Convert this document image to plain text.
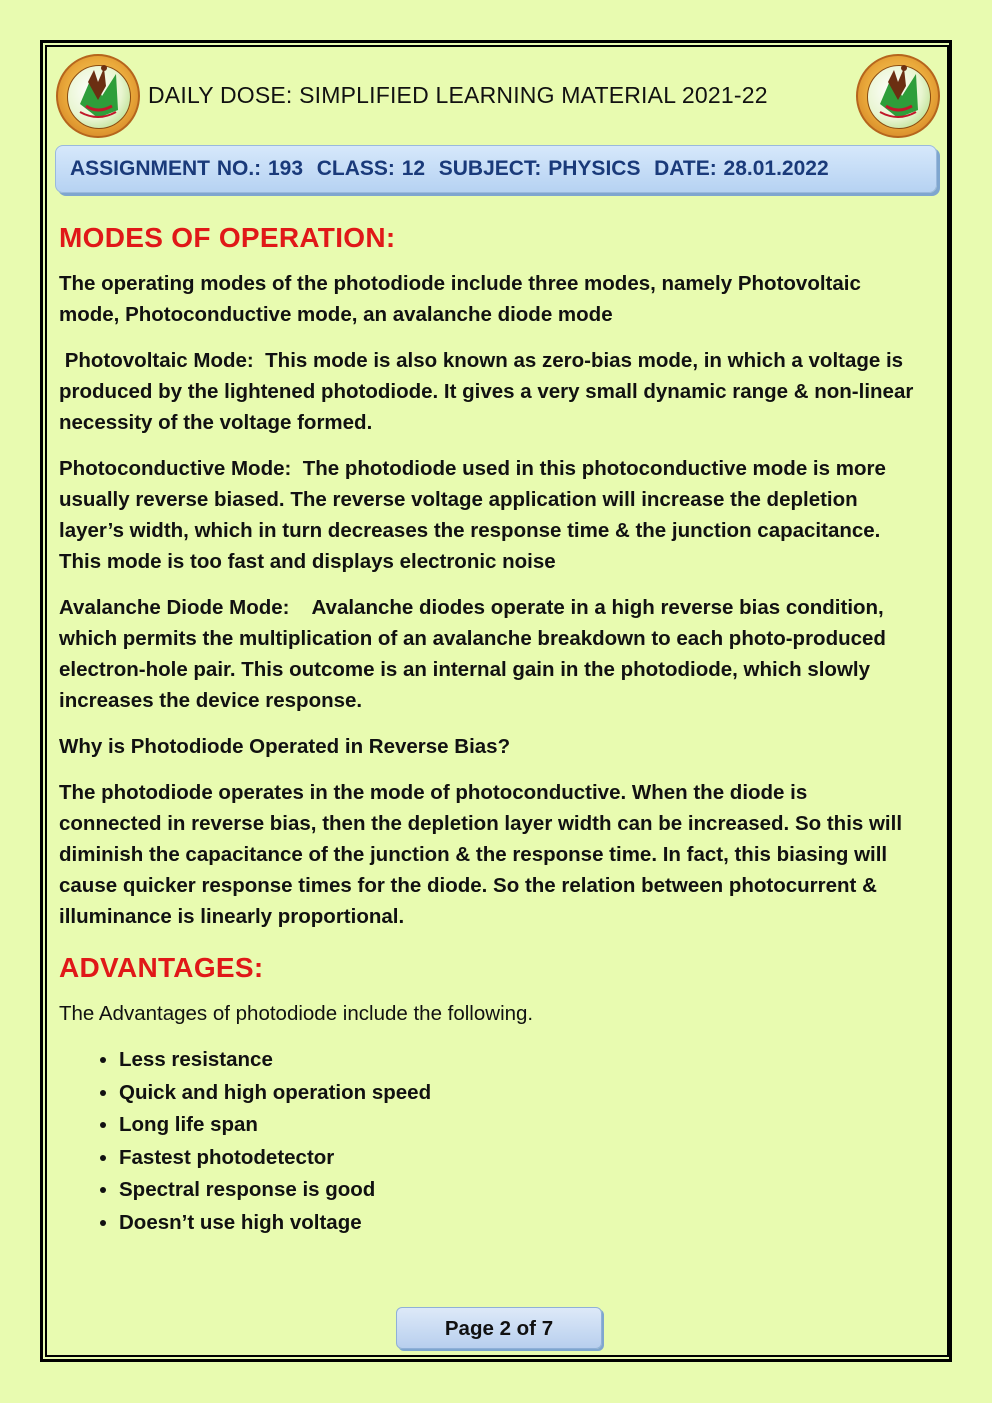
DAILY DOSE: SIMPLIFIED LEARNING MATERIAL 2021-22
ASSIGNMENT NO.: 193  CLASS: 12  SUBJECT: PHYSICS  DATE: 28.01.2022
MODES OF OPERATION:

The operating modes of the photodiode include three modes, namely Photovoltaic mode, Photoconductive mode, an avalanche diode mode

Photovoltaic Mode:  This mode is also known as zero-bias mode, in which a voltage is produced by the lightened photodiode. It gives a very small dynamic range & non-linear necessity of the voltage formed.

Photoconductive Mode:  The photodiode used in this photoconductive mode is more usually reverse biased. The reverse voltage application will increase the depletion layer’s width, which in turn decreases the response time & the junction capacitance. This mode is too fast and displays electronic noise

Avalanche Diode Mode:    Avalanche diodes operate in a high reverse bias condition, which permits the multiplication of an avalanche breakdown to each photo-produced electron-hole pair. This outcome is an internal gain in the photodiode, which slowly increases the device response.

Why is Photodiode Operated in Reverse Bias?

The photodiode operates in the mode of photoconductive. When the diode is connected in reverse bias, then the depletion layer width can be increased. So this will diminish the capacitance of the junction & the response time. In fact, this biasing will cause quicker response times for the diode. So the relation between photocurrent & illuminance is linearly proportional.

ADVANTAGES:

The Advantages of photodiode include the following.

• Less resistance
• Quick and high operation speed
• Long life span
• Fastest photodetector
• Spectral response is good
• Doesn’t use high voltage
Page 2 of 7
